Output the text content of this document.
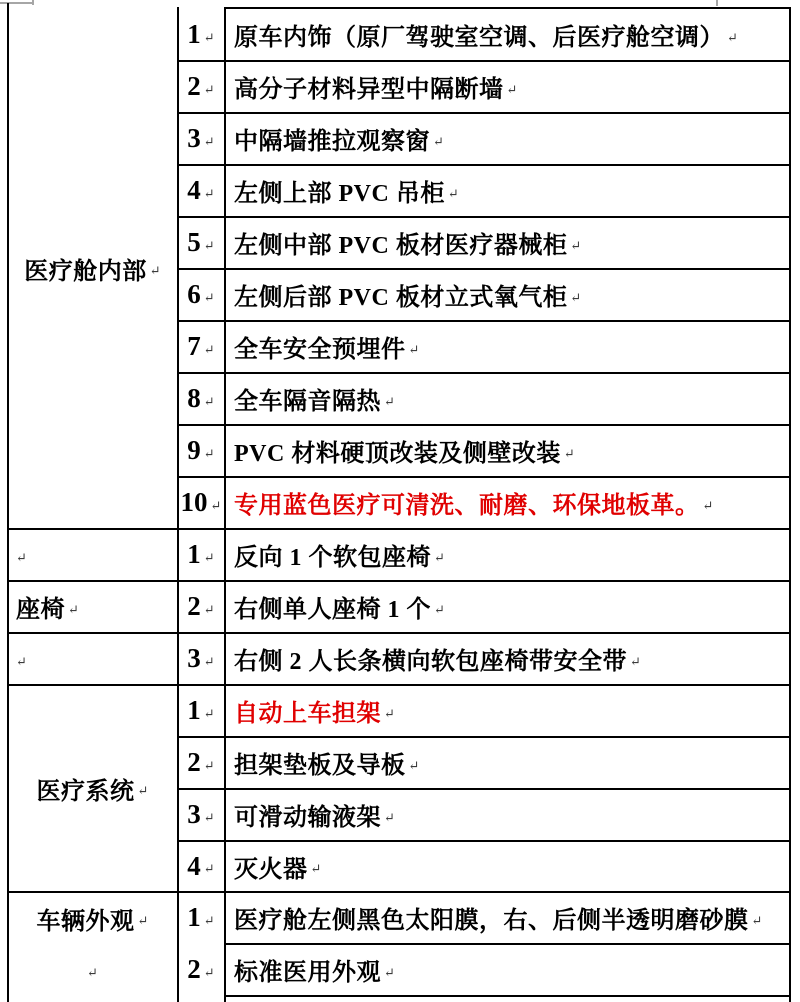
医疗舱内部 ↵
↵
座椅 ↵
↵
医疗系统 ↵
车辆外观 ↵
↵
1 ↵
2 ↵
3 ↵
4 ↵
5 ↵
6 ↵
7 ↵
8 ↵
9 ↵
10 ↵
1 ↵
2 ↵
3 ↵
1 ↵
2 ↵
3 ↵
4 ↵
1 ↵
2 ↵
原车内饰（原厂驾驶室空调、后医疗舱空调） ↵
高分子材料异型中隔断墙 ↵
中隔墙推拉观察窗 ↵
左侧上部 PVC 吊柜 ↵
左侧中部 PVC 板材医疗器械柜 ↵
左侧后部 PVC 板材立式氧气柜 ↵
全车安全预埋件 ↵
全车隔音隔热 ↵
PVC 材料硬顶改装及侧壁改装 ↵
专用蓝色医疗可清洗、耐磨、环保地板革。 ↵
反向 1 个软包座椅 ↵
右侧单人座椅 1 个 ↵
右侧 2 人长条横向软包座椅带安全带 ↵
自动上车担架 ↵
担架垫板及导板 ↵
可滑动输液架 ↵
灭火器 ↵
医疗舱左侧黑色太阳膜，右、后侧半透明磨砂膜 ↵
标准医用外观 ↵
